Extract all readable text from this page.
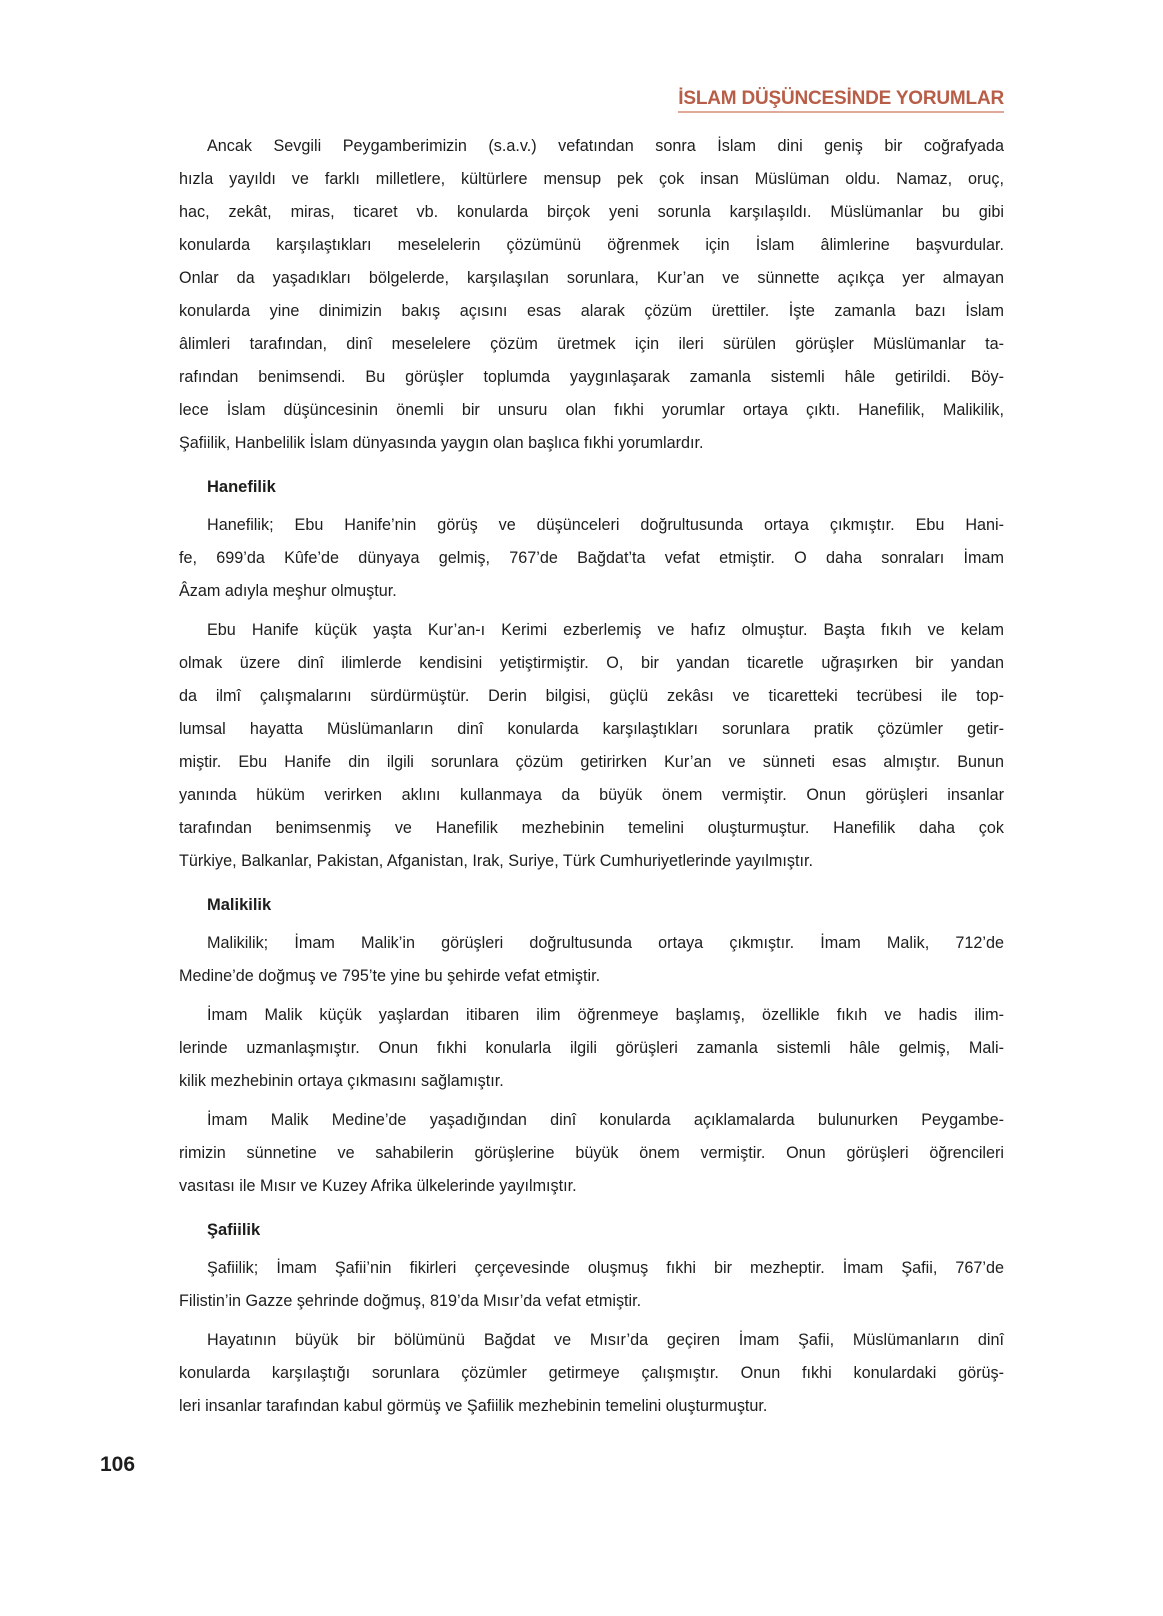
İSLAM DÜŞÜNCESİNDE YORUMLAR
Ancak Sevgili Peygamberimizin (s.a.v.) vefatından sonra İslam dini geniş bir coğrafyada
hızla yayıldı ve farklı milletlere, kültürlere mensup pek çok insan Müslüman oldu. Namaz, oruç,
hac, zekât, miras, ticaret vb. konularda birçok yeni sorunla karşılaşıldı. Müslümanlar bu gibi
konularda karşılaştıkları meselelerin çözümünü öğrenmek için İslam âlimlerine başvurdular.
Onlar da yaşadıkları bölgelerde, karşılaşılan sorunlara, Kur’an ve sünnette açıkça yer almayan
konularda yine dinimizin bakış açısını esas alarak çözüm ürettiler. İşte zamanla bazı İslam
âlimleri tarafından, dinî meselelere çözüm üretmek için ileri sürülen görüşler Müslümanlar ta-
rafından benimsendi. Bu görüşler toplumda yaygınlaşarak zamanla sistemli hâle getirildi. Böy-
lece İslam düşüncesinin önemli bir unsuru olan fıkhi yorumlar ortaya çıktı. Hanefilik, Malikilik,
Şafiilik, Hanbelilik İslam dünyasında yaygın olan başlıca fıkhi yorumlardır.
Hanefilik
Hanefilik; Ebu Hanife’nin görüş ve düşünceleri doğrultusunda ortaya çıkmıştır. Ebu Hani-
fe, 699’da Kûfe’de dünyaya gelmiş, 767’de Bağdat’ta vefat etmiştir. O daha sonraları İmam
Âzam adıyla meşhur olmuştur.
Ebu Hanife küçük yaşta Kur’an-ı Kerimi ezberlemiş ve hafız olmuştur. Başta fıkıh ve kelam
olmak üzere dinî ilimlerde kendisini yetiştirmiştir. O, bir yandan ticaretle uğraşırken bir yandan
da ilmî çalışmalarını sürdürmüştür. Derin bilgisi, güçlü zekâsı ve ticaretteki tecrübesi ile top-
lumsal hayatta Müslümanların dinî konularda karşılaştıkları sorunlara pratik çözümler getir-
miştir. Ebu Hanife din ilgili sorunlara çözüm getirirken Kur’an ve sünneti esas almıştır. Bunun
yanında hüküm verirken aklını kullanmaya da büyük önem vermiştir. Onun görüşleri insanlar
tarafından benimsenmiş ve Hanefilik mezhebinin temelini oluşturmuştur. Hanefilik daha çok
Türkiye, Balkanlar, Pakistan, Afganistan, Irak, Suriye, Türk Cumhuriyetlerinde yayılmıştır.
Malikilik
Malikilik; İmam Malik’in görüşleri doğrultusunda ortaya çıkmıştır. İmam Malik, 712’de
Medine’de doğmuş ve 795’te yine bu şehirde vefat etmiştir.
İmam Malik küçük yaşlardan itibaren ilim öğrenmeye başlamış, özellikle fıkıh ve hadis ilim-
lerinde uzmanlaşmıştır. Onun fıkhi konularla ilgili görüşleri zamanla sistemli hâle gelmiş, Mali-
kilik mezhebinin ortaya çıkmasını sağlamıştır.
İmam Malik Medine’de yaşadığından dinî konularda açıklamalarda bulunurken Peygambe-
rimizin sünnetine ve sahabilerin görüşlerine büyük önem vermiştir. Onun görüşleri öğrencileri
vasıtası ile Mısır ve Kuzey Afrika ülkelerinde yayılmıştır.
Şafiilik
Şafiilik; İmam Şafii’nin fikirleri çerçevesinde oluşmuş fıkhi bir mezheptir. İmam Şafii, 767’de
Filistin’in Gazze şehrinde doğmuş, 819’da Mısır’da vefat etmiştir.
Hayatının büyük bir bölümünü Bağdat ve Mısır’da geçiren İmam Şafii, Müslümanların dinî
konularda karşılaştığı sorunlara çözümler getirmeye çalışmıştır. Onun fıkhi konulardaki görüş-
leri insanlar tarafından kabul görmüş ve Şafiilik mezhebinin temelini oluşturmuştur.
106
